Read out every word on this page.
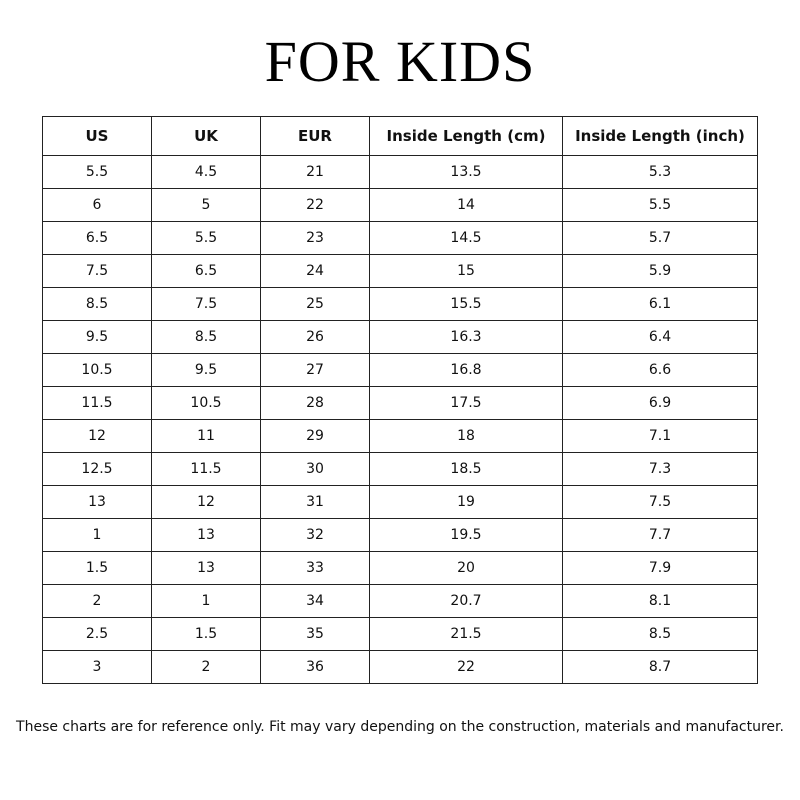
FOR KIDS
US	UK	EUR	Inside Length (cm)	Inside Length (inch)
5.5	4.5	21	13.5	5.3
6	5	22	14	5.5
6.5	5.5	23	14.5	5.7
7.5	6.5	24	15	5.9
8.5	7.5	25	15.5	6.1
9.5	8.5	26	16.3	6.4
10.5	9.5	27	16.8	6.6
11.5	10.5	28	17.5	6.9
12	11	29	18	7.1
12.5	11.5	30	18.5	7.3
13	12	31	19	7.5
1	13	32	19.5	7.7
1.5	13	33	20	7.9
2	1	34	20.7	8.1
2.5	1.5	35	21.5	8.5
3	2	36	22	8.7
These charts are for reference only. Fit may vary depending on the construction, materials and manufacturer.
